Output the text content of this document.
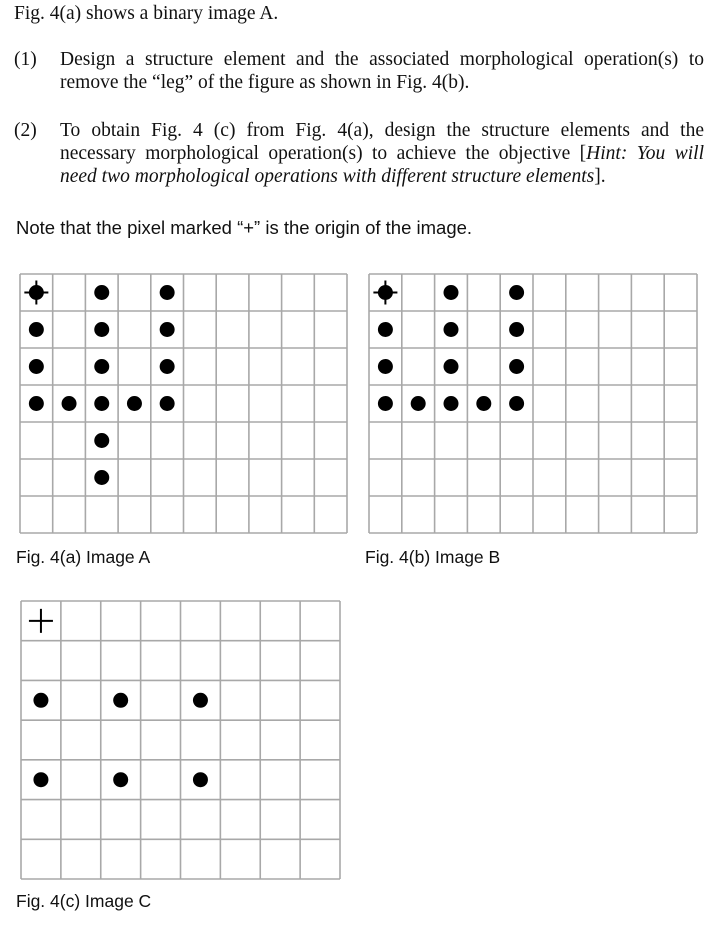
Fig. 4(a) shows a binary image A.
(1) Design a structure element and the associated morphological operation(s) to remove the “leg” of the figure as shown in Fig. 4(b).
(2) To obtain Fig. 4 (c) from Fig. 4(a), design the structure elements and the necessary morphological operation(s) to achieve the objective [Hint: You will need two morphological operations with different structure elements].
Note that the pixel marked “+” is the origin of the image.
Fig. 4(a) Image A	Fig. 4(b) Image B
Fig. 4(c) Image C
